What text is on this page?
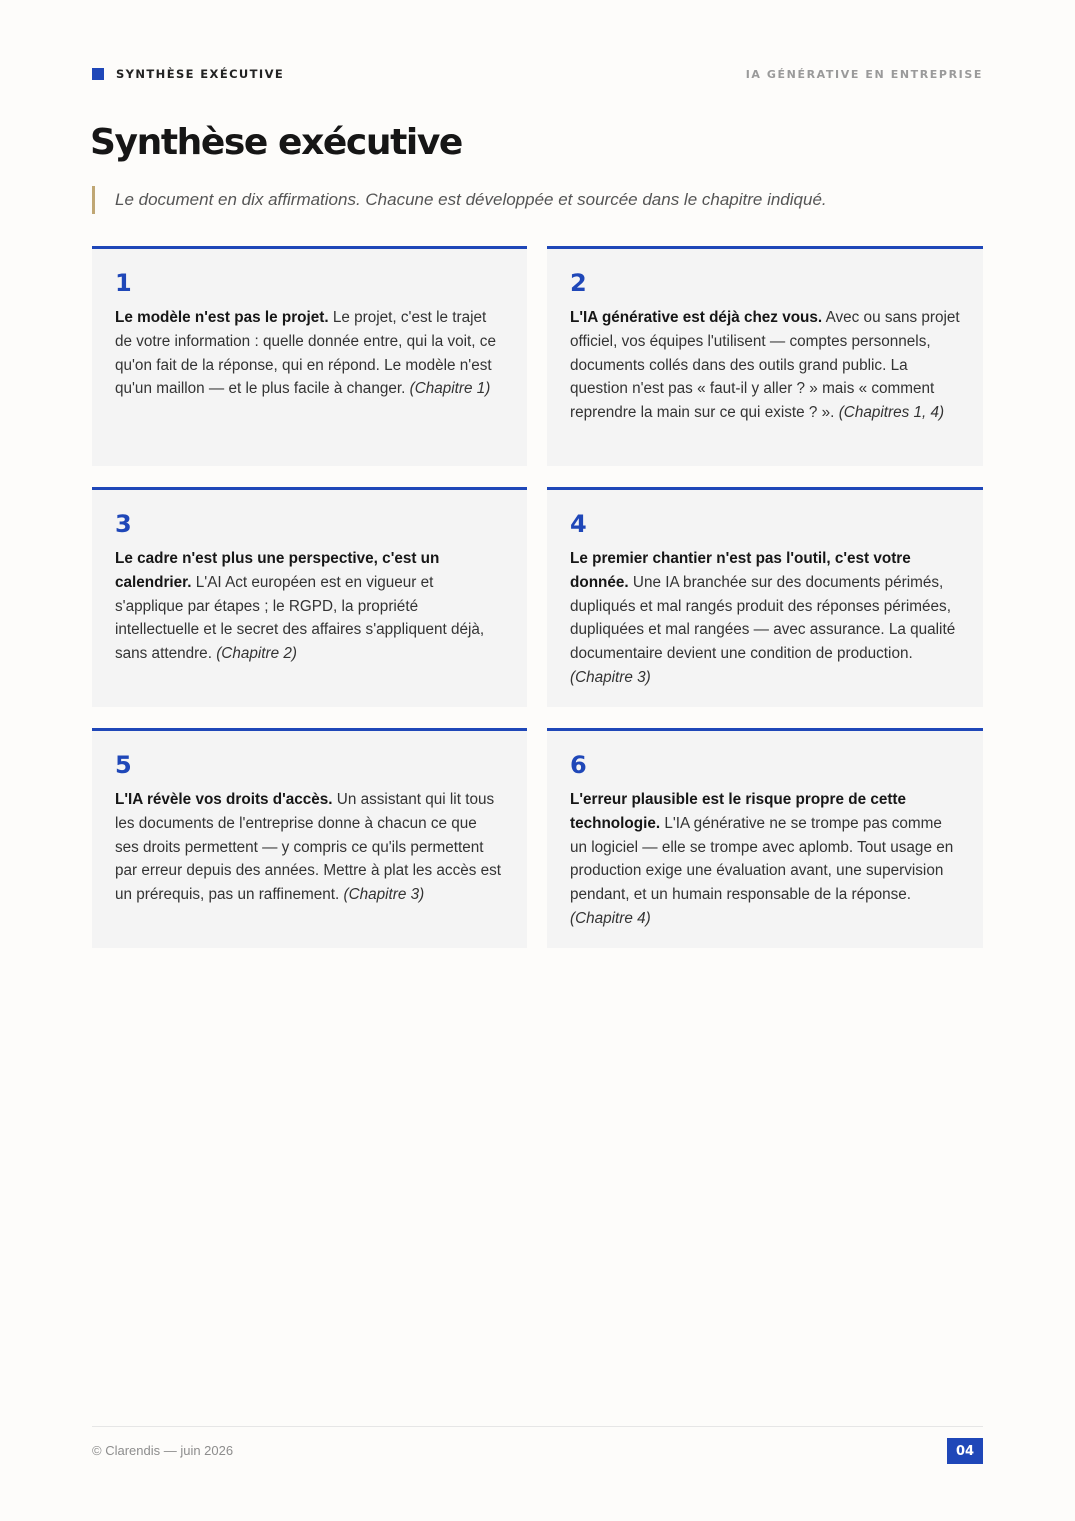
SYNTHÈSE EXÉCUTIVE	IA GÉNÉRATIVE EN ENTREPRISE
Synthèse exécutive
Le document en dix affirmations. Chacune est développée et sourcée dans le chapitre indiqué.
1

Le modèle n'est pas le projet. Le projet, c'est le trajet de votre information : quelle donnée entre, qui la voit, ce qu'on fait de la réponse, qui en répond. Le modèle n'est qu'un maillon — et le plus facile à changer. (Chapitre 1)

2

L'IA générative est déjà chez vous. Avec ou sans projet officiel, vos équipes l'utilisent — comptes personnels, documents collés dans des outils grand public. La question n'est pas « faut-il y aller ? » mais « comment reprendre la main sur ce qui existe ? ». (Chapitres 1, 4)

3

Le cadre n'est plus une perspective, c'est un calendrier. L'AI Act européen est en vigueur et s'applique par étapes ; le RGPD, la propriété intellectuelle et le secret des affaires s'appliquent déjà, sans attendre. (Chapitre 2)

4

Le premier chantier n'est pas l'outil, c'est votre donnée. Une IA branchée sur des documents périmés, dupliqués et mal rangés produit des réponses périmées, dupliquées et mal rangées — avec assurance. La qualité documentaire devient une condition de production. (Chapitre 3)

5

L'IA révèle vos droits d'accès. Un assistant qui lit tous les documents de l'entreprise donne à chacun ce que ses droits permettent — y compris ce qu'ils permettent par erreur depuis des années. Mettre à plat les accès est un prérequis, pas un raffinement. (Chapitre 3)

6

L'erreur plausible est le risque propre de cette technologie. L'IA générative ne se trompe pas comme un logiciel — elle se trompe avec aplomb. Tout usage en production exige une évaluation avant, une supervision pendant, et un humain responsable de la réponse. (Chapitre 4)

© Clarendis — juin 2026	04
